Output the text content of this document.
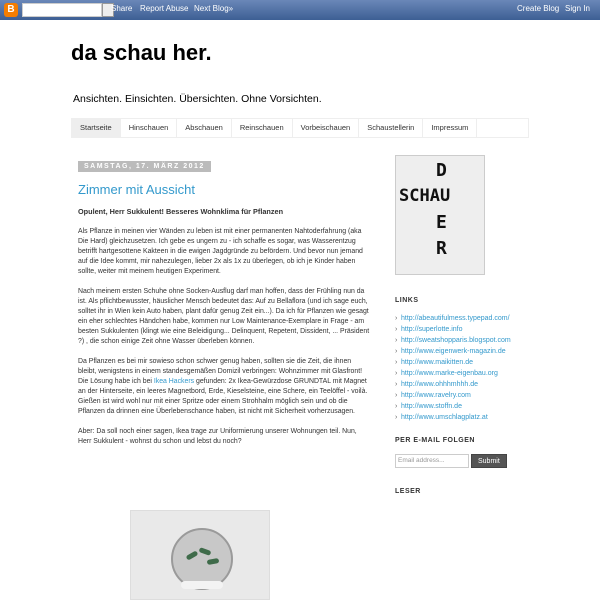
B	Share Report Abuse Next Blog»	Create Blog Sign In
da schau her.
Ansichten. Einsichten. Übersichten. Ohne Vorsichten.
Startseite	Hinschauen	Abschauen	Reinschauen	Vorbeischauen	Schaustellerin	Impressum
SAMSTAG, 17. MÄRZ 2012
Zimmer mit Aussicht

Opulent, Herr Sukkulent! Besseres Wohnklima für Pflanzen

Als Pflanze in meinen vier Wänden zu leben ist mit einer permanenten Nahtoderfahrung (aka Die Hard) gleichzusetzen. Ich gebe es ungern zu - ich schaffe es sogar, was Wasserentzug betrifft hartgesottene Kakteen in die ewigen Jagdgründe zu befördern. Und bevor nun jemand auf die Idee kommt, mir nahezulegen, lieber 2x als 1x zu überlegen, ob ich je Kinder haben sollte, weiter mit meinem heutigen Experiment.

Nach meinem ersten Schuhe ohne Socken-Ausflug darf man hoffen, dass der Frühling nun da ist. Als pflichtbewusster, häuslicher Mensch bedeutet das: Auf zu Bellaflora (und ich sage euch, solltet ihr in Wien kein Auto haben, plant dafür genug Zeit ein...). Da ich für Pflanzen wie gesagt ein eher schlechtes Händchen habe, kommen nur Low Maintenance-Exemplare in Frage - am besten Sukkulenten (klingt wie eine Beleidigung... Delinquent, Repetent, Dissident, ... Präsident ?) , die schon einige Zeit ohne Wasser überleben können.

Da Pflanzen es bei mir sowieso schon schwer genug haben, sollten sie die Zeit, die ihnen bleibt, wenigstens in einem standesgemäßen Domizil verbringen: Wohnzimmer mit Glasfront! Die Lösung habe ich bei Ikea Hackers gefunden: 2x Ikea-Gewürzdose GRUNDTAL mit Magnet an der Hinterseite, ein leeres Magnetbord, Erde, Kieselsteine, eine Schere, ein Teelöffel - voilà.
Gießen ist wird wohl nur mit einer Spritze oder einem Strohhalm möglich sein und ob die Pflanzen da drinnen eine Überlebenschance haben, ist nicht mit Sicherheit vorherzusagen.

Aber: Da soll noch einer sagen, Ikea trage zur Uniformierung unserer Wohnungen teil. Nun, Herr Sukkulent - wohnst du schon und lebst du noch?

D
SCHAU
E
R
LINKS
› http://abeautifulmess.typepad.com/
› http://superlotte.info
› http://sweatshopparis.blogspot.com
› http://www.eigenwerk-magazin.de
› http://www.maikitten.de
› http://www.marke-eigenbau.org
› http://www.ohhhmhhh.de
› http://www.ravelry.com
› http://www.stoffn.de
› http://www.umschlagplatz.at
PER E-MAIL FOLGEN
Email address...	Submit
LESER
